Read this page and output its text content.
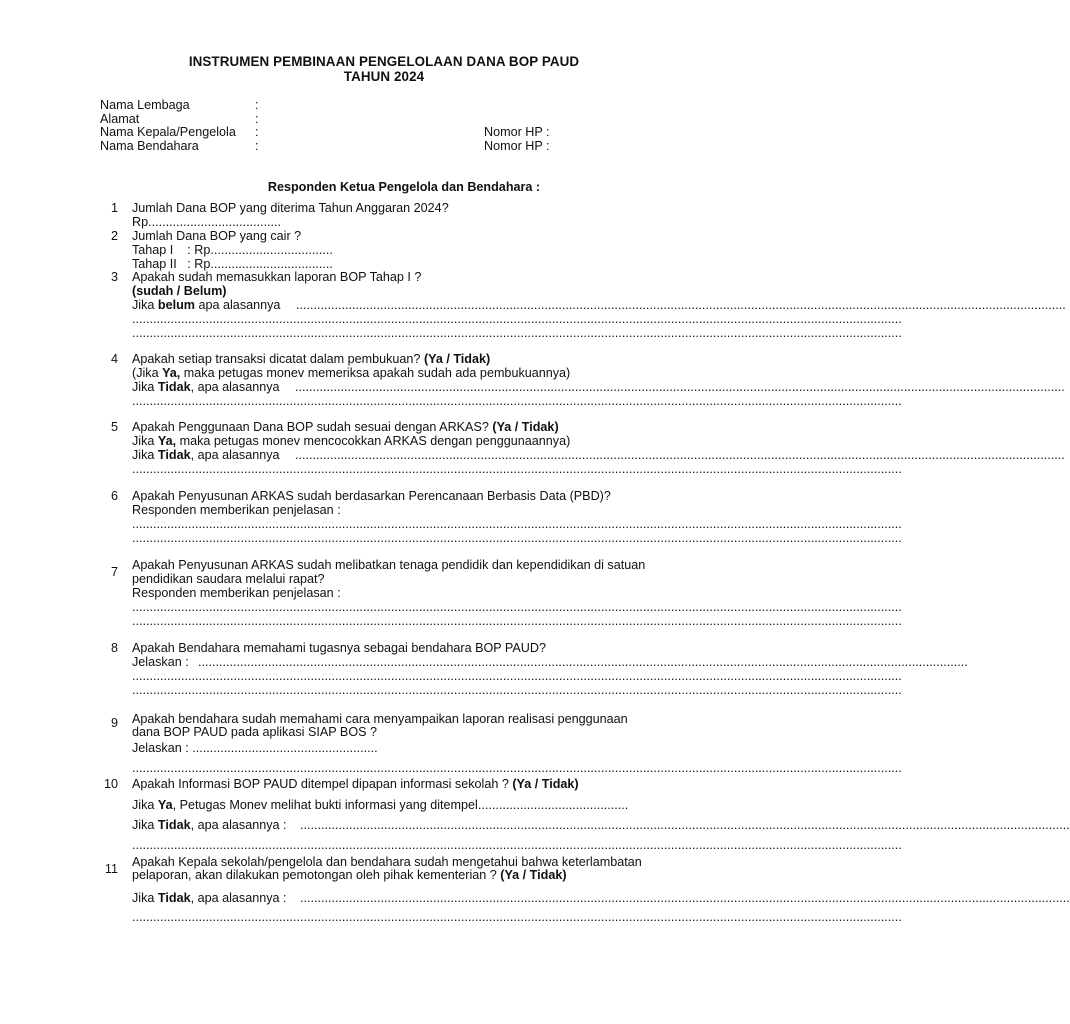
INSTRUMEN PEMBINAAN PENGELOLAAN DANA BOP PAUD
TAHUN 2024
Nama Lembaga	:
Alamat	:
Nama Kepala/Pengelola :
Nama Bendahara	:
Nomor HP :
Nomor HP :
Responden Ketua Pengelola dan Bendahara :
1 Jumlah Dana BOP yang diterima Tahun Anggaran 2024?
Rp......................................
2 Jumlah Dana BOP yang cair ?
Tahap I    : Rp...................................
Tahap II   : Rp...................................
3 Apakah sudah memasukkan laporan BOP Tahap I ?
(sudah / Belum)
Jika belum apa alasannya ............................................................................................................................................................................................................................
............................................................................................................................................................................................................................
............................................................................................................................................................................................................................
4 Apakah setiap transaksi dicatat dalam pembukuan? (Ya / Tidak)
(Jika Ya, maka petugas monev memeriksa apakah sudah ada pembukuannya)
Jika Tidak, apa alasannya ............................................................................................................................................................................................................................
............................................................................................................................................................................................................................
5 Apakah Penggunaan Dana BOP sudah sesuai dengan ARKAS? (Ya / Tidak)
Jika Ya, maka petugas monev mencocokkan ARKAS dengan penggunaannya)
Jika Tidak, apa alasannya ............................................................................................................................................................................................................................
............................................................................................................................................................................................................................
6 Apakah Penyusunan ARKAS sudah berdasarkan Perencanaan Berbasis Data (PBD)?
Responden memberikan penjelasan :
............................................................................................................................................................................................................................
............................................................................................................................................................................................................................
7 Apakah Penyusunan ARKAS sudah melibatkan tenaga pendidik dan kependidikan di satuan
pendidikan saudara melalui rapat?
Responden memberikan penjelasan :
............................................................................................................................................................................................................................
............................................................................................................................................................................................................................
8 Apakah Bendahara memahami tugasnya sebagai bendahara BOP PAUD?
Jelaskan : ............................................................................................................................................................................................................................
............................................................................................................................................................................................................................
............................................................................................................................................................................................................................
9 Apakah bendahara sudah memahami cara menyampaikan laporan realisasi penggunaan
dana BOP PAUD pada aplikasi SIAP BOS ?
Jelaskan : .....................................................
............................................................................................................................................................................................................................
10 Apakah Informasi BOP PAUD ditempel dipapan informasi sekolah ? (Ya / Tidak)
Jika Ya, Petugas Monev melihat bukti informasi yang ditempel...........................................
Jika Tidak, apa alasannya : ............................................................................................................................................................................................................................
............................................................................................................................................................................................................................
11 Apakah Kepala sekolah/pengelola dan bendahara sudah mengetahui bahwa keterlambatan
pelaporan, akan dilakukan pemotongan oleh pihak kementerian ? (Ya / Tidak)
Jika Tidak, apa alasannya : ............................................................................................................................................................................................................................
............................................................................................................................................................................................................................
